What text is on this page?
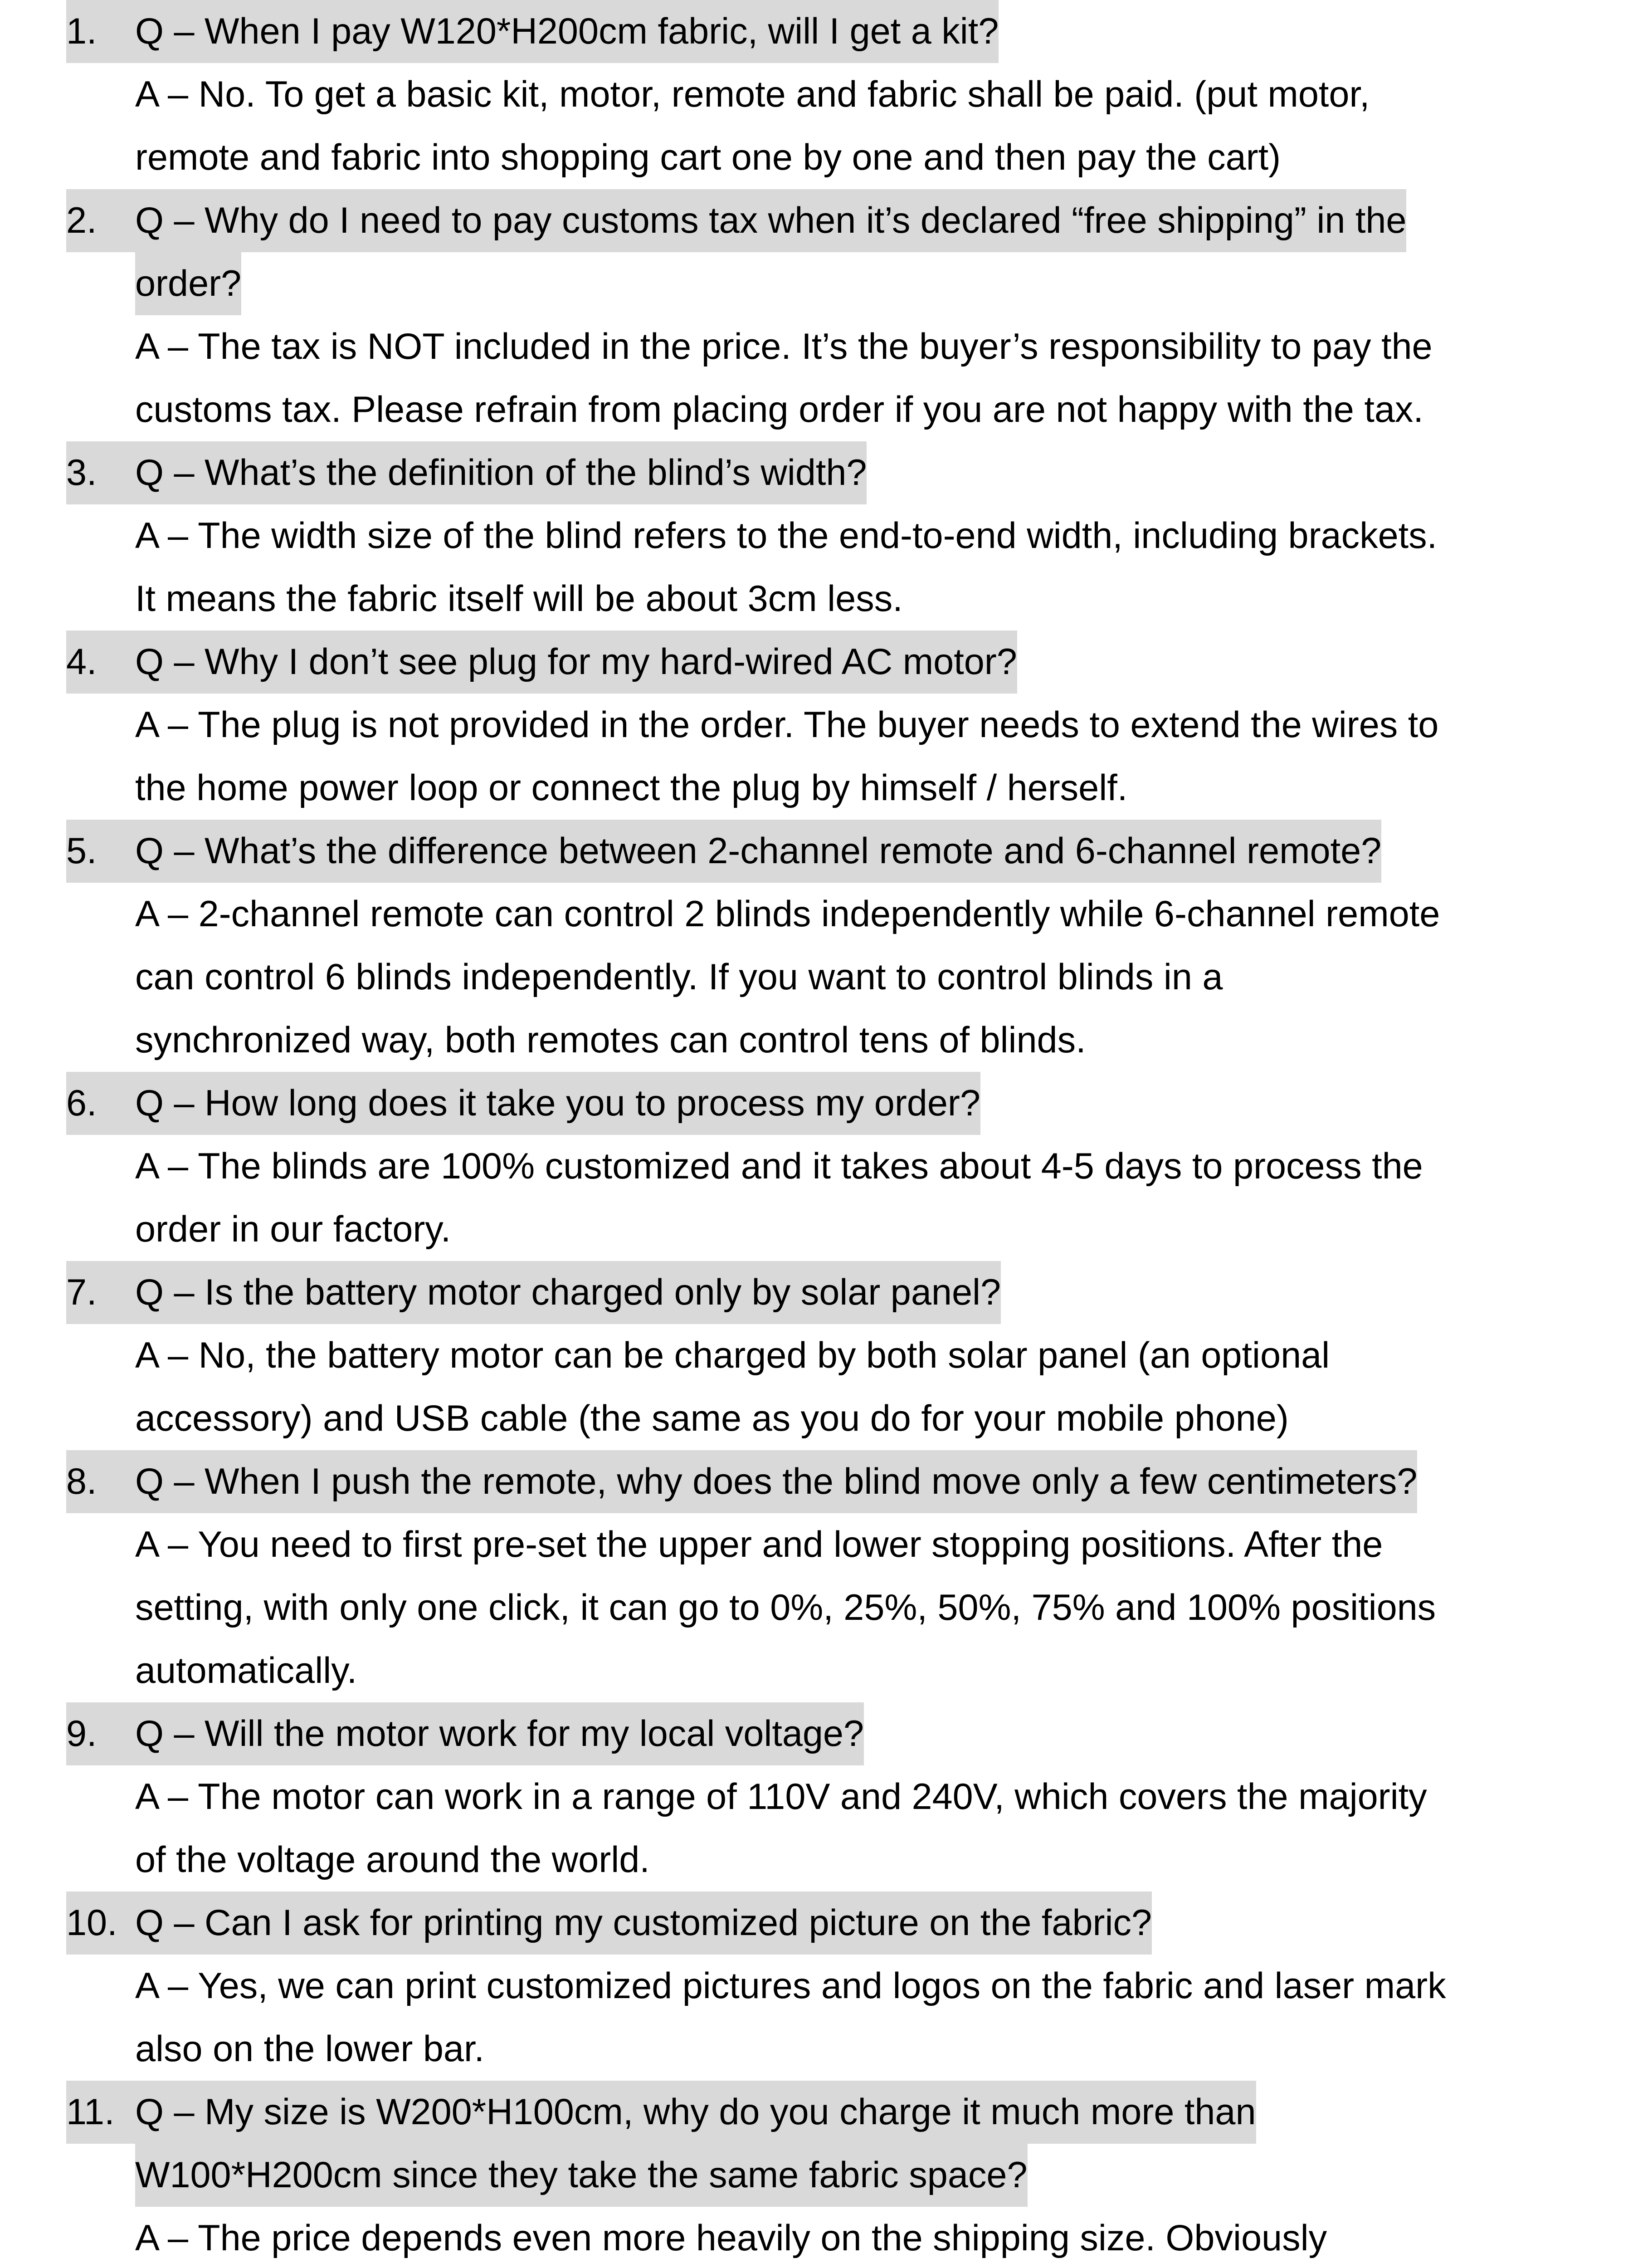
1.	Q – When I pay W120*H200cm fabric, will I get a kit?
A – No. To get a basic kit, motor, remote and fabric shall be paid. (put motor,
remote and fabric into shopping cart one by one and then pay the cart)
2.	Q – Why do I need to pay customs tax when it’s declared “free shipping” in the
order?
A – The tax is NOT included in the price. It’s the buyer’s responsibility to pay the
customs tax. Please refrain from placing order if you are not happy with the tax.
3.	Q – What’s the definition of the blind’s width?
A – The width size of the blind refers to the end-to-end width, including brackets.
It means the fabric itself will be about 3cm less.
4.	Q – Why I don’t see plug for my hard-wired AC motor?
A – The plug is not provided in the order. The buyer needs to extend the wires to
the home power loop or connect the plug by himself / herself.
5.	Q – What’s the difference between 2-channel remote and 6-channel remote?
A – 2-channel remote can control 2 blinds independently while 6-channel remote
can control 6 blinds independently. If you want to control blinds in a
synchronized way, both remotes can control tens of blinds.
6.	Q – How long does it take you to process my order?
A – The blinds are 100% customized and it takes about 4-5 days to process the
order in our factory.
7.	Q – Is the battery motor charged only by solar panel?
A – No, the battery motor can be charged by both solar panel (an optional
accessory) and USB cable (the same as you do for your mobile phone)
8.	Q – When I push the remote, why does the blind move only a few centimeters?
A – You need to first pre-set the upper and lower stopping positions. After the
setting, with only one click, it can go to 0%, 25%, 50%, 75% and 100% positions
automatically.
9.	Q – Will the motor work for my local voltage?
A – The motor can work in a range of 110V and 240V, which covers the majority
of the voltage around the world.
10. Q – Can I ask for printing my customized picture on the fabric?
A – Yes, we can print customized pictures and logos on the fabric and laser mark
also on the lower bar.
11. Q – My size is W200*H100cm, why do you charge it much more than
W100*H200cm since they take the same fabric space?
A – The price depends even more heavily on the shipping size. Obviously
